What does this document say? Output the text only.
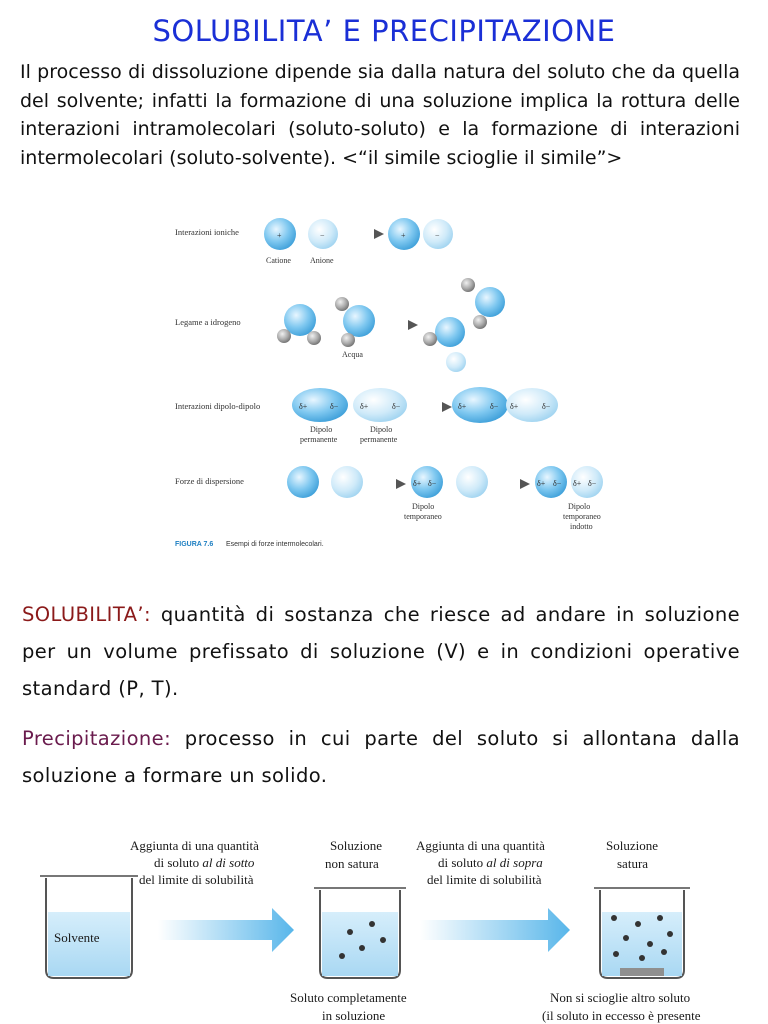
SOLUBILITA’ E PRECIPITAZIONE
Il processo di dissoluzione dipende sia dalla natura del soluto che da quella del solvente; infatti la formazione di una soluzione implica la rottura delle interazioni intramolecolari (soluto-soluto) e la formazione di interazioni intermolecolari (soluto-solvente). <“il simile scioglie il simile”>
Interazioni ioniche	+	−
Catione Anione
+	−
Legame a idrogeno
Acqua
Interazioni dipolo-dipolo	δ+	δ−	δ+	δ−
Dipolo
permanente
Dipolo
permanente
δ+	δ− δ+	δ−
Forze di dispersione	δ+ δ−
Dipolo
temporaneo
δ+ δ− δ+ δ−
Dipolo
temporaneo
indotto
FIGURA 7.6 Esempi di forze intermolecolari.
SOLUBILITA’: quantità di sostanza che riesce ad andare in soluzione per un volume prefissato di soluzione (V) e in condizioni operative standard (P, T).
Precipitazione: processo in cui parte del soluto si allontana dalla soluzione a formare un solido.
Solvente
Aggiunta di una quantità
di soluto al di sotto
del limite di solubilità
Soluzione
non satura
Aggiunta di una quantità
di soluto al di sopra
del limite di solubilità
Soluzione
satura
Soluto completamente
in soluzione
Non si scioglie altro soluto
(il soluto in eccesso è presente
